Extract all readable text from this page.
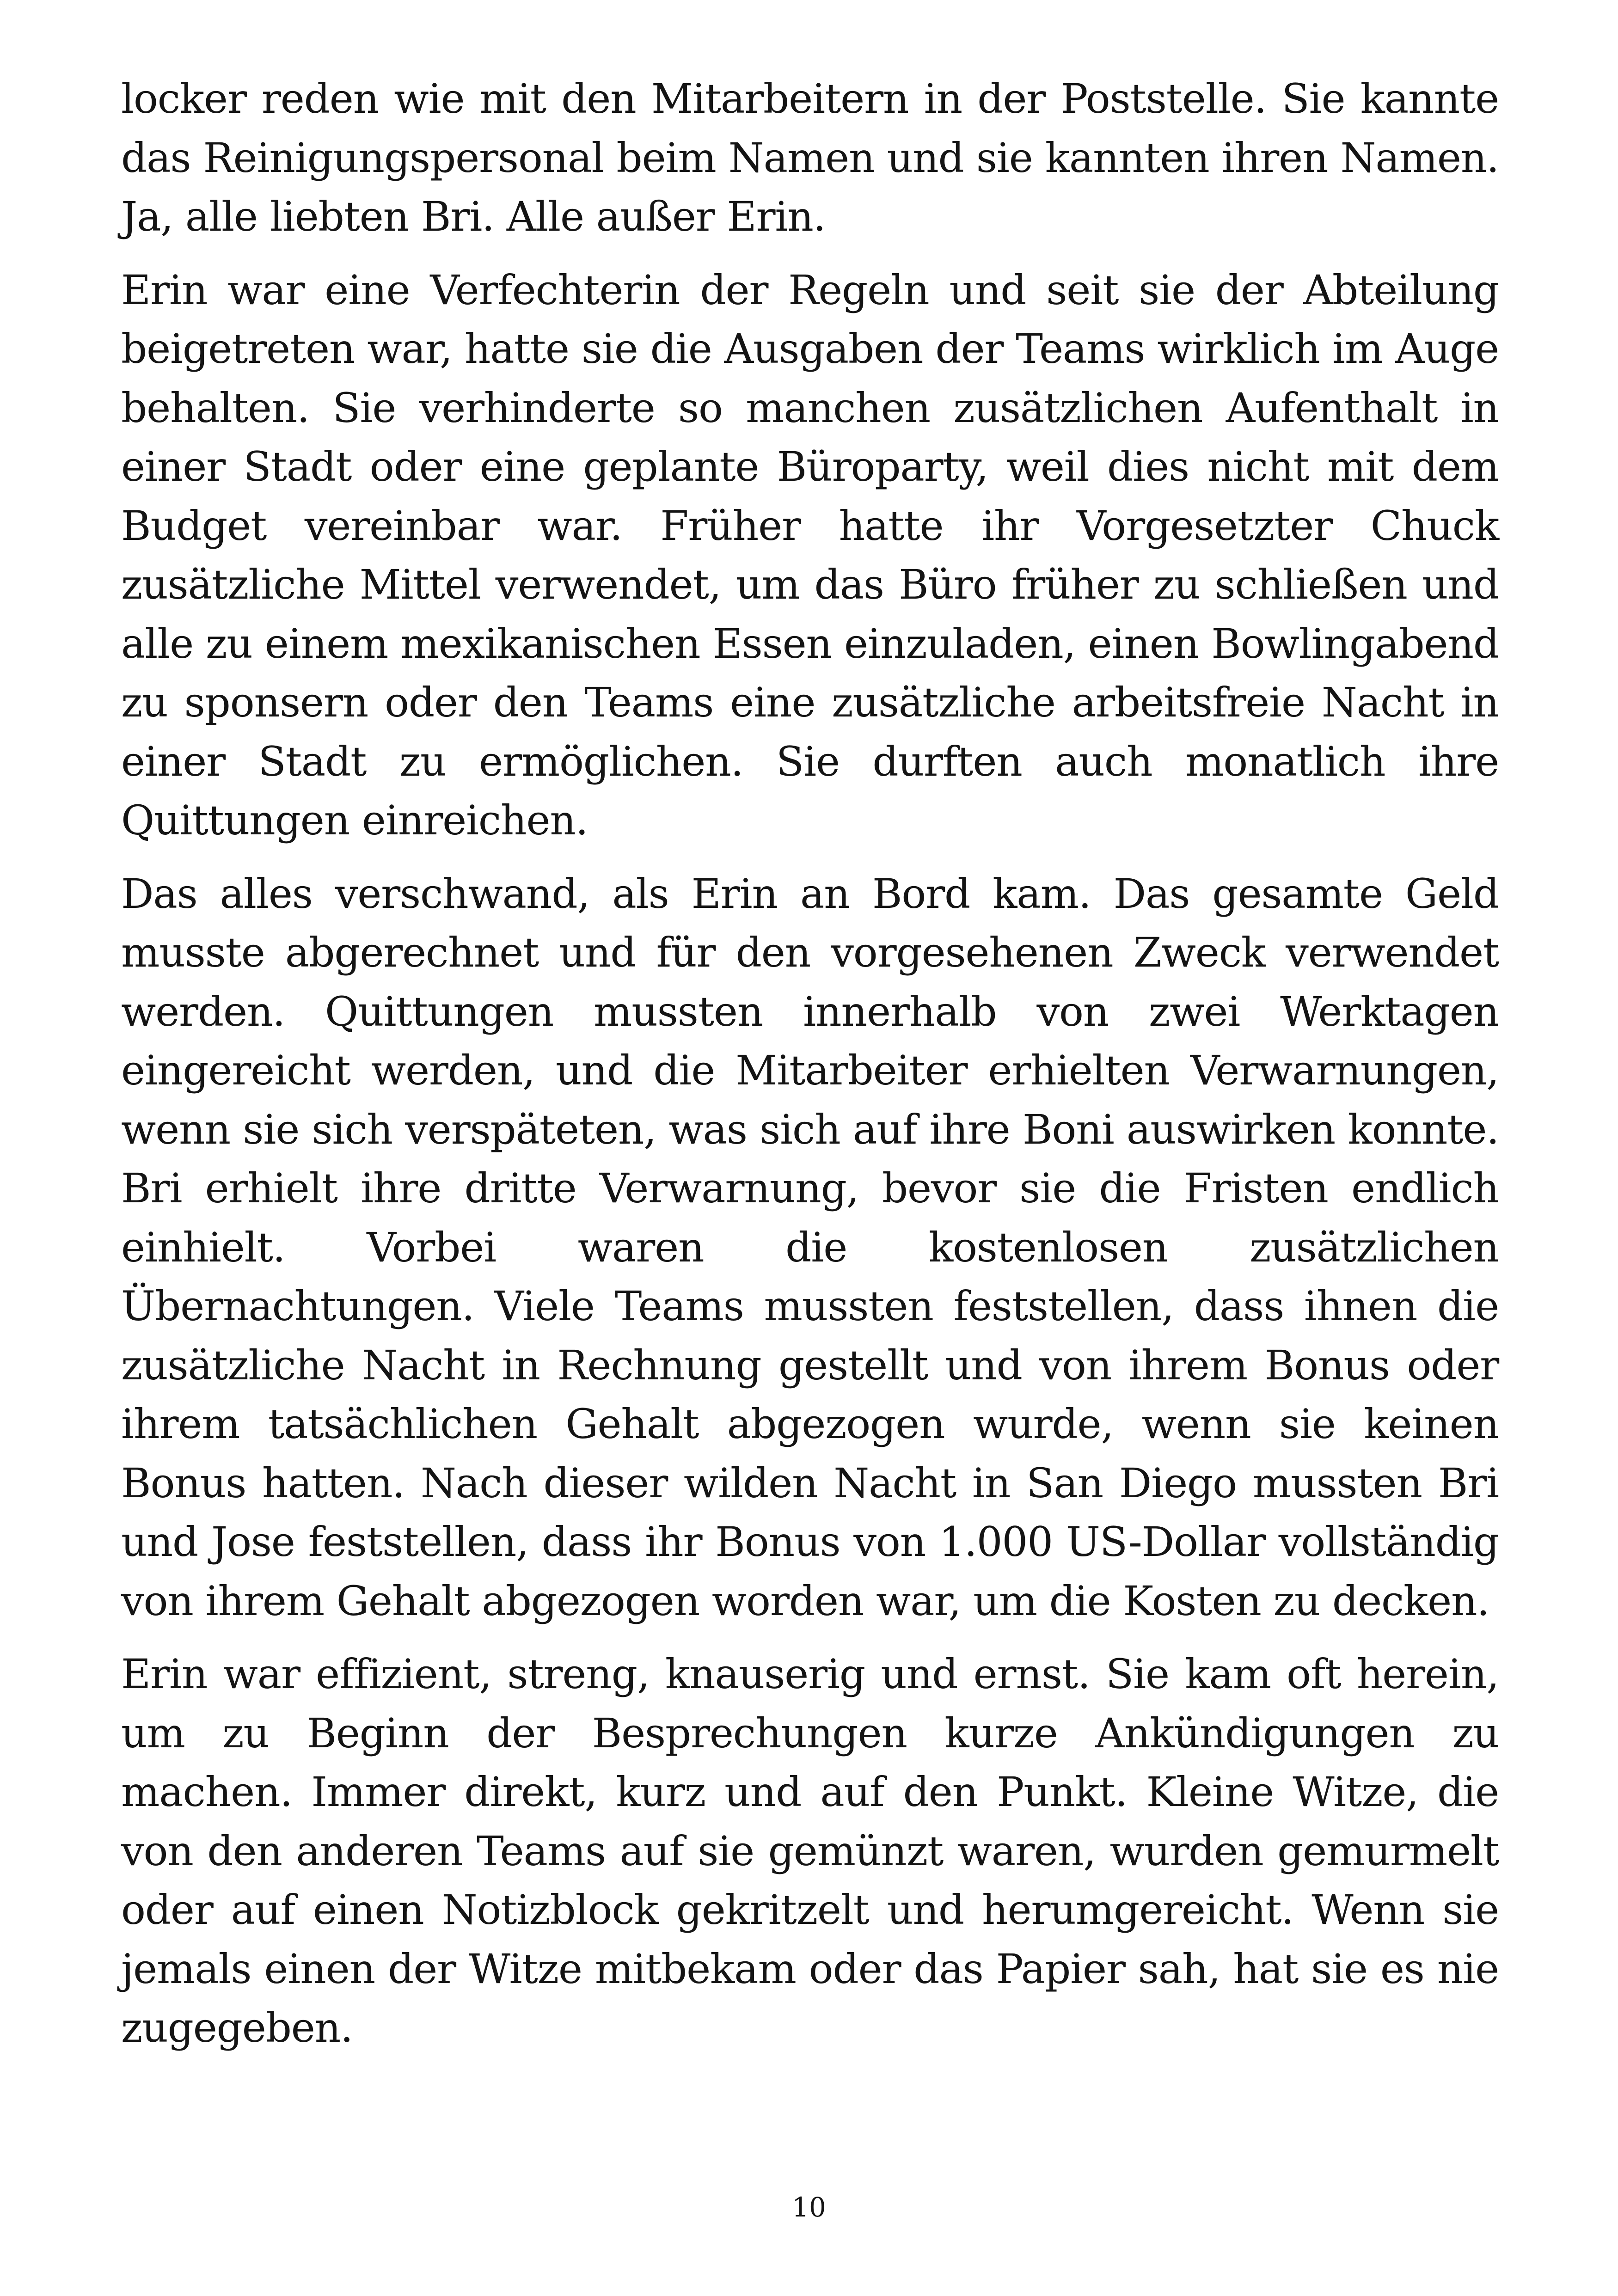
locker reden wie mit den Mitarbeitern in der Poststelle. Sie kannte das Reinigungspersonal beim Namen und sie kannten ihren Namen. Ja, alle liebten Bri. Alle außer Erin.

Erin war eine Verfechterin der Regeln und seit sie der Abteilung beigetreten war, hatte sie die Ausgaben der Teams wirklich im Auge behalten. Sie verhinderte so manchen zusätzlichen Aufenthalt in einer Stadt oder eine geplante Büroparty, weil dies nicht mit dem Budget vereinbar war. Früher hatte ihr Vorgesetzter Chuck zusätzliche Mittel verwendet, um das Büro früher zu schließen und alle zu einem mexikanischen Essen einzuladen, einen Bowlingabend zu sponsern oder den Teams eine zusätzliche arbeitsfreie Nacht in einer Stadt zu ermöglichen. Sie durften auch monatlich ihre Quittungen einreichen.

Das alles verschwand, als Erin an Bord kam. Das gesamte Geld musste abgerechnet und für den vorgesehenen Zweck verwendet werden. Quittungen mussten innerhalb von zwei Werktagen eingereicht werden, und die Mitarbeiter erhielten Verwarnungen, wenn sie sich verspäteten, was sich auf ihre Boni auswirken konnte. Bri erhielt ihre dritte Verwarnung, bevor sie die Fristen endlich einhielt. Vorbei waren die kostenlosen zusätzlichen Übernachtungen. Viele Teams mussten feststellen, dass ihnen die zusätzliche Nacht in Rechnung gestellt und von ihrem Bonus oder ihrem tatsächlichen Gehalt abgezogen wurde, wenn sie keinen Bonus hatten. Nach dieser wilden Nacht in San Diego mussten Bri und Jose feststellen, dass ihr Bonus von 1.000 US-Dollar vollständig von ihrem Gehalt abgezogen worden war, um die Kosten zu decken.

Erin war effizient, streng, knauserig und ernst. Sie kam oft herein, um zu Beginn der Besprechungen kurze Ankündigungen zu machen. Immer direkt, kurz und auf den Punkt. Kleine Witze, die von den anderen Teams auf sie gemünzt waren, wurden gemurmelt oder auf einen Notizblock gekritzelt und herumgereicht. Wenn sie jemals einen der Witze mitbekam oder das Papier sah, hat sie es nie zugegeben.

10
